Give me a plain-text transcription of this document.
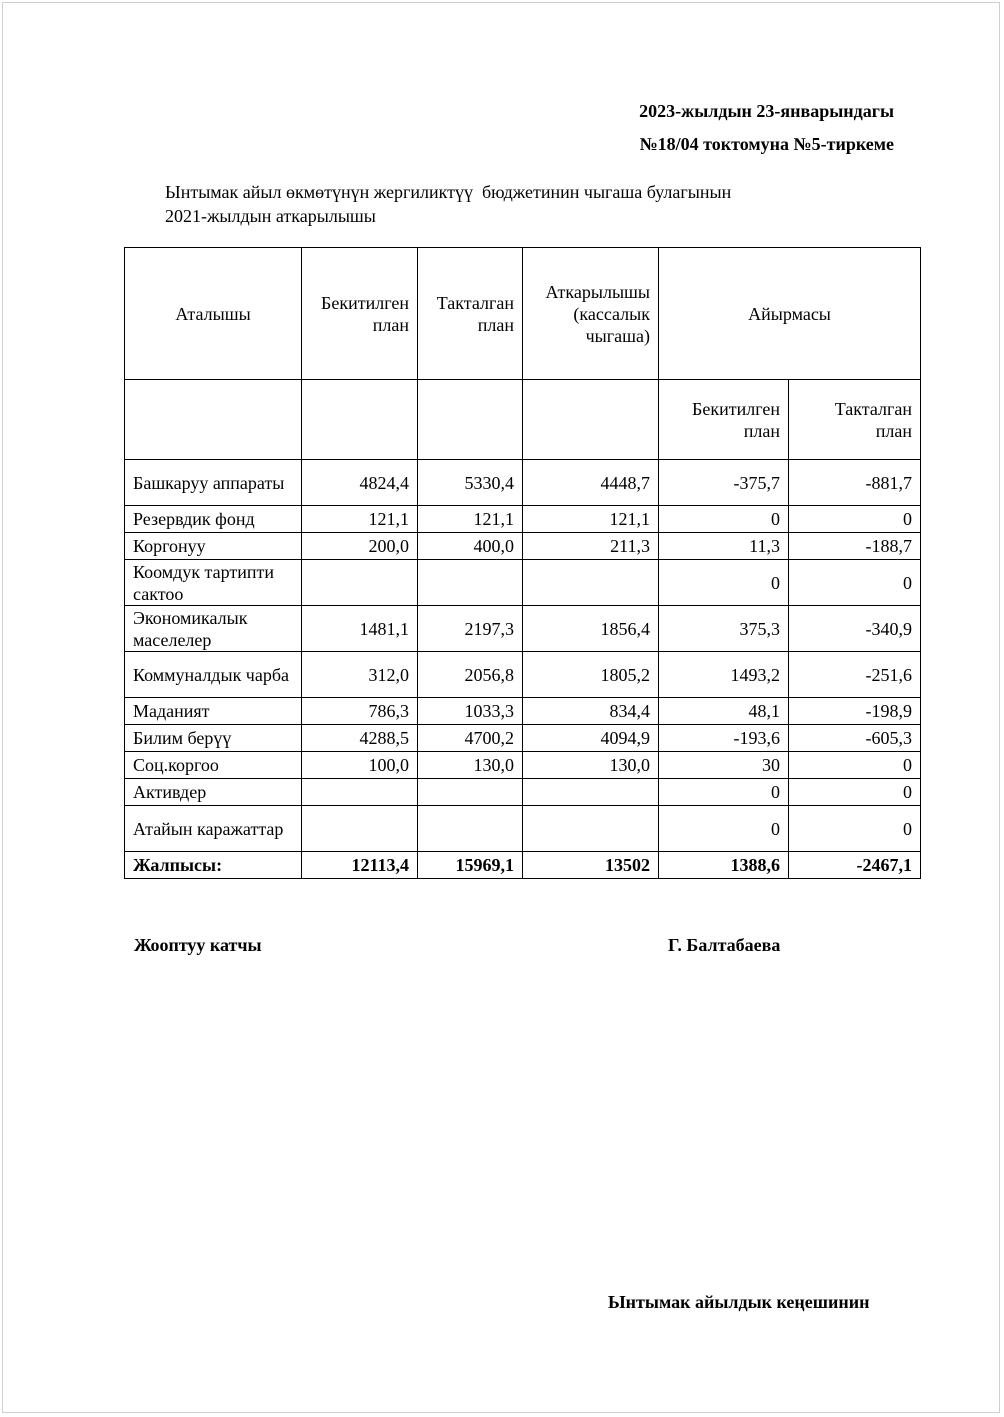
2023-жылдын 23-январындагы
№18/04 токтомуна №5-тиркеме
Ынтымак айыл өкмөтүнүн жергиликтүү  бюджетинин чыгаша булагынын
2021-жылдын аткарылышы
Аталышы	Бекитилген план	Такталган план	Аткарылышы (кассалык чыгаша)	Айырмасы	
				Бекитилген план	Такталган план
Башкаруу аппараты	4824,4	5330,4	4448,7	-375,7	-881,7
Резервдик фонд	121,1	121,1	121,1	0	0
Коргонуу	200,0	400,0	211,3	11,3	-188,7
Коомдук тартипти сактоо				0	0
Экономикалык маселелер	1481,1	2197,3	1856,4	375,3	-340,9
Коммуналдык чарба	312,0	2056,8	1805,2	1493,2	-251,6
Маданият	786,3	1033,3	834,4	48,1	-198,9
Билим берүү	4288,5	4700,2	4094,9	-193,6	-605,3
Соц.коргоо	100,0	130,0	130,0	30	0
Активдер				0	0
Атайын каражаттар				0	0
Жалпысы:	12113,4	15969,1	13502	1388,6	-2467,1
Жооптуу катчы	Г. Балтабаева
Ынтымак айылдык кеңешинин
